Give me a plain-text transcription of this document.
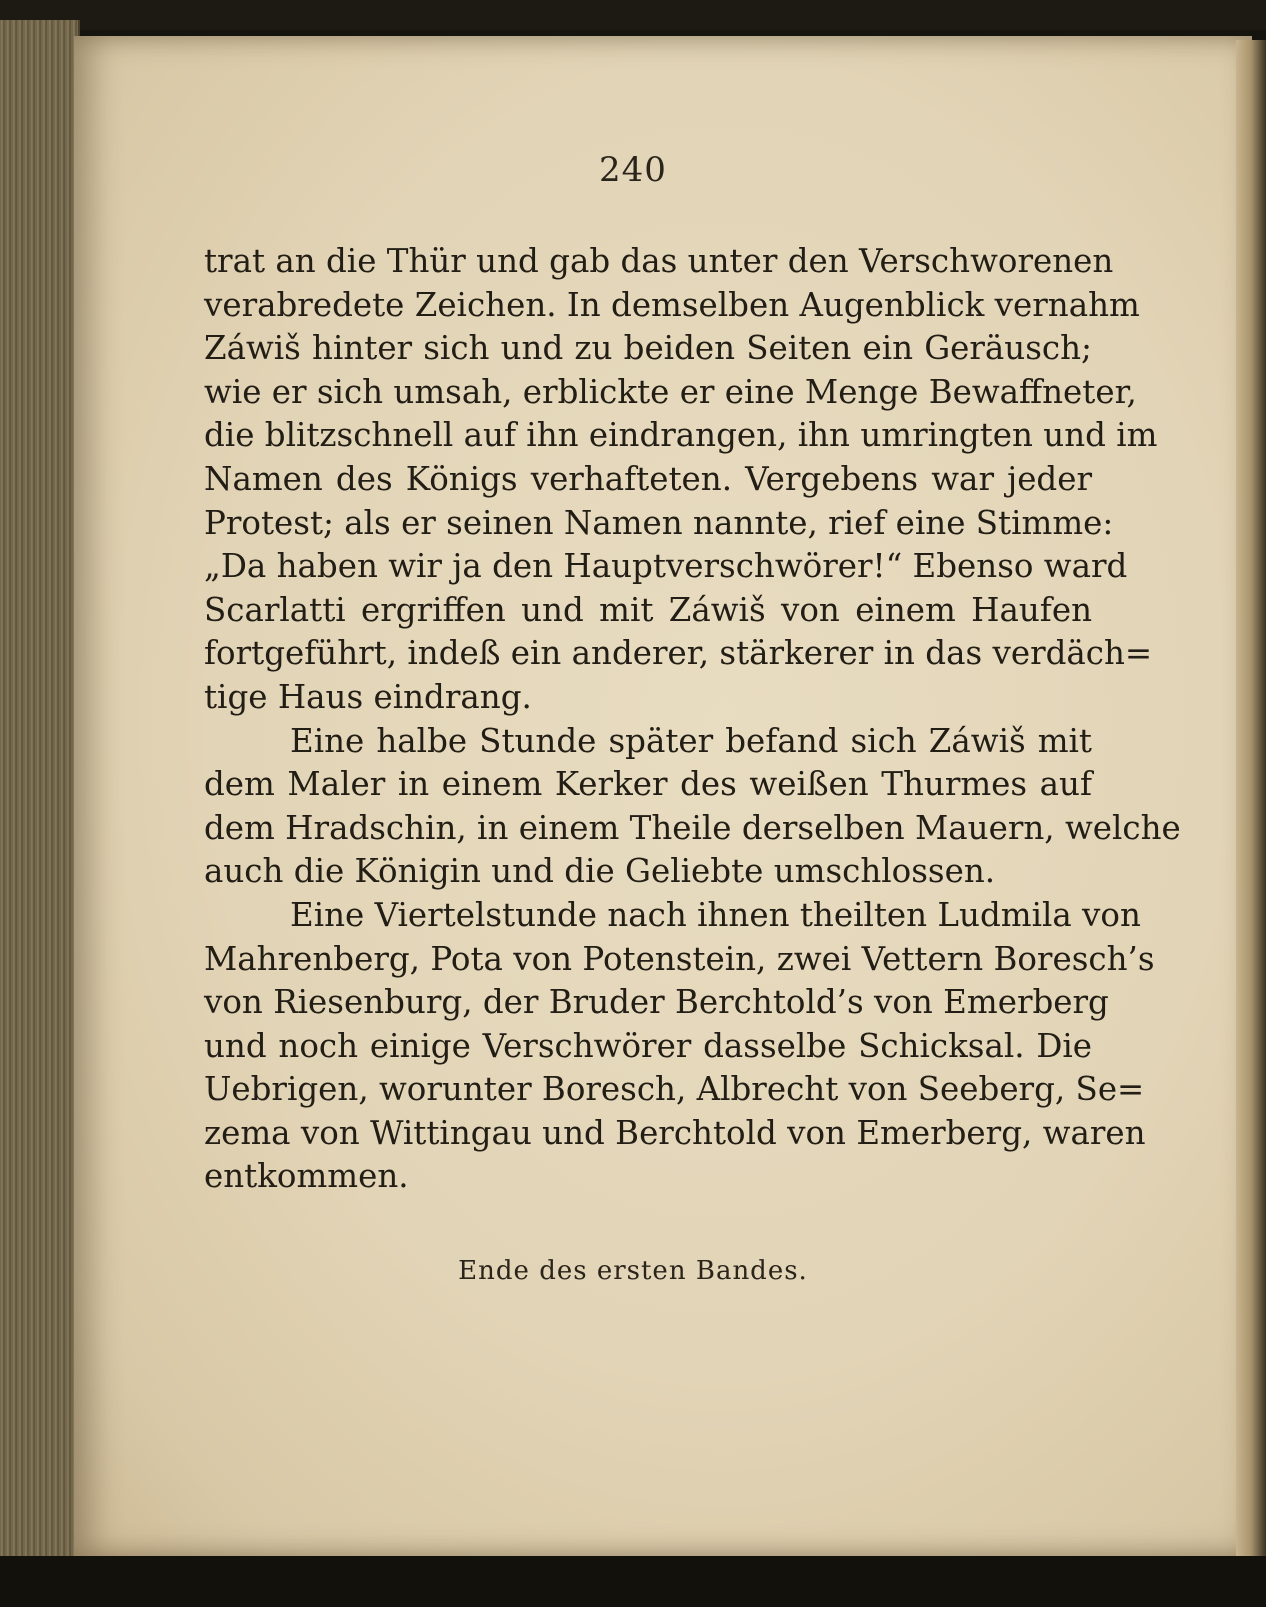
240
trat an die Thür und gab das unter den Verschworenen
verabredete Zeichen. In demselben Augenblick vernahm
Záwiš hinter sich und zu beiden Seiten ein Geräusch;
wie er sich umsah, erblickte er eine Menge Bewaffneter,
die blitzschnell auf ihn eindrangen, ihn umringten und im
Namen des Königs verhafteten. Vergebens war jeder
Protest; als er seinen Namen nannte, rief eine Stimme:
„Da haben wir ja den Hauptverschwörer!“ Ebenso ward
Scarlatti ergriffen und mit Záwiš von einem Haufen
fortgeführt, indeß ein anderer, stärkerer in das verdäch=
tige Haus eindrang.
Eine halbe Stunde später befand sich Záwiš mit
dem Maler in einem Kerker des weißen Thurmes auf
dem Hradschin, in einem Theile derselben Mauern, welche
auch die Königin und die Geliebte umschlossen.
Eine Viertelstunde nach ihnen theilten Ludmila von
Mahrenberg, Pota von Potenstein, zwei Vettern Boresch’s
von Riesenburg, der Bruder Berchtold’s von Emerberg
und noch einige Verschwörer dasselbe Schicksal. Die
Uebrigen, worunter Boresch, Albrecht von Seeberg, Se=
zema von Wittingau und Berchtold von Emerberg, waren
entkommen.
Ende des ersten Bandes.
